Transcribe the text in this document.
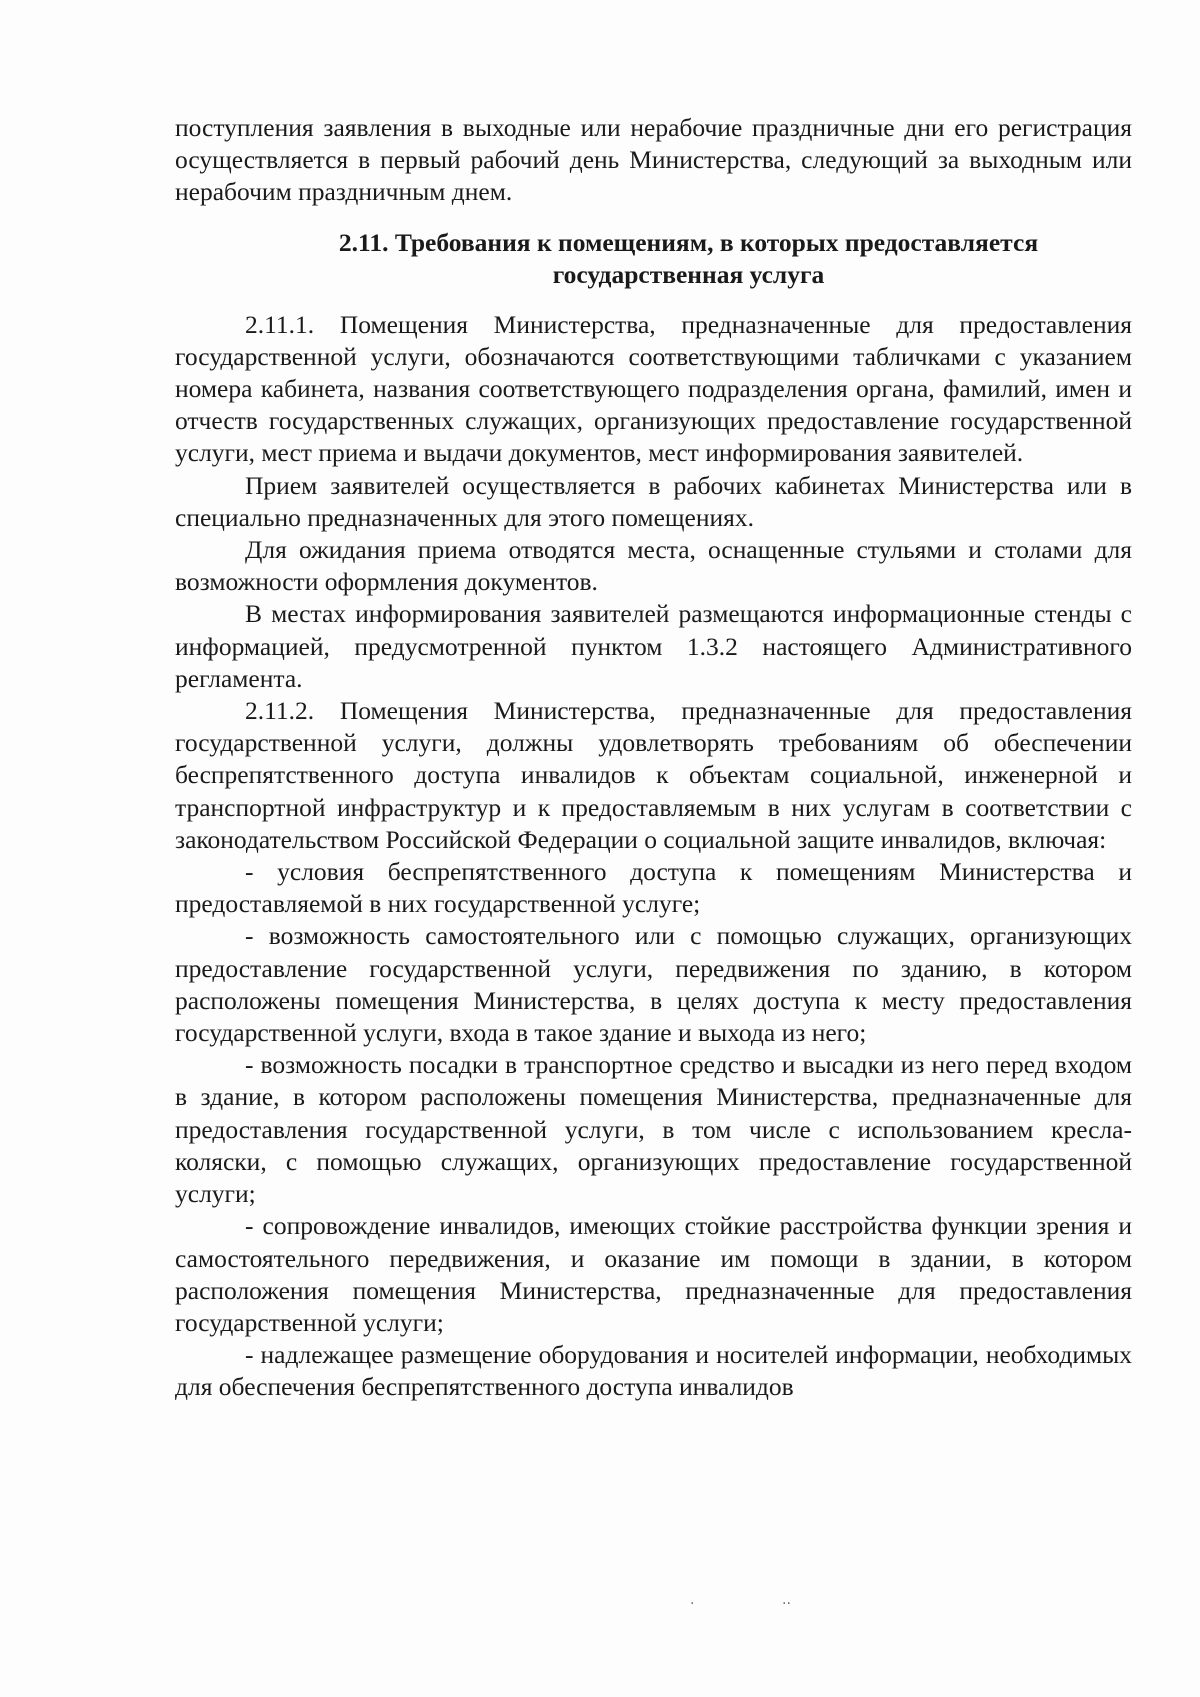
поступления заявления в выходные или нерабочие праздничные дни его регистрация осуществляется в первый рабочий день Министерства, следующий за выходным или нерабочим праздничным днем.

2.11. Требования к помещениям, в которых предоставляется государственная услуга

2.11.1. Помещения Министерства, предназначенные для предоставления государственной услуги, обозначаются соответствующими табличками с указанием номера кабинета, названия соответствующего подразделения органа, фамилий, имен и отчеств государственных служащих, организующих предоставление государственной услуги, мест приема и выдачи документов, мест информирования заявителей.

Прием заявителей осуществляется в рабочих кабинетах Министерства или в специально предназначенных для этого помещениях.

Для ожидания приема отводятся места, оснащенные стульями и столами для возможности оформления документов.

В местах информирования заявителей размещаются информационные стенды с информацией, предусмотренной пунктом 1.3.2 настоящего Административного регламента.

2.11.2. Помещения Министерства, предназначенные для предоставления государственной услуги, должны удовлетворять требованиям об обеспечении беспрепятственного доступа инвалидов к объектам социальной, инженерной и транспортной инфраструктур и к предоставляемым в них услугам в соответствии с законодательством Российской Федерации о социальной защите инвалидов, включая:

- условия беспрепятственного доступа к помещениям Министерства и предоставляемой в них государственной услуге;

- возможность самостоятельного или с помощью служащих, организующих предоставление государственной услуги, передвижения по зданию, в котором расположены помещения Министерства, в целях доступа к месту предоставления государственной услуги, входа в такое здание и выхода из него;

- возможность посадки в транспортное средство и высадки из него перед входом в здание, в котором расположены помещения Министерства, предназначенные для предоставления государственной услуги, в том числе с использованием кресла-коляски, с помощью служащих, организующих предоставление государственной услуги;

- сопровождение инвалидов, имеющих стойкие расстройства функции зрения и самостоятельного передвижения, и оказание им помощи в здании, в котором расположения помещения Министерства, предназначенные для предоставления государственной услуги;

- надлежащее размещение оборудования и носителей информации, необходимых для обеспечения беспрепятственного доступа инвалидов

·	··
